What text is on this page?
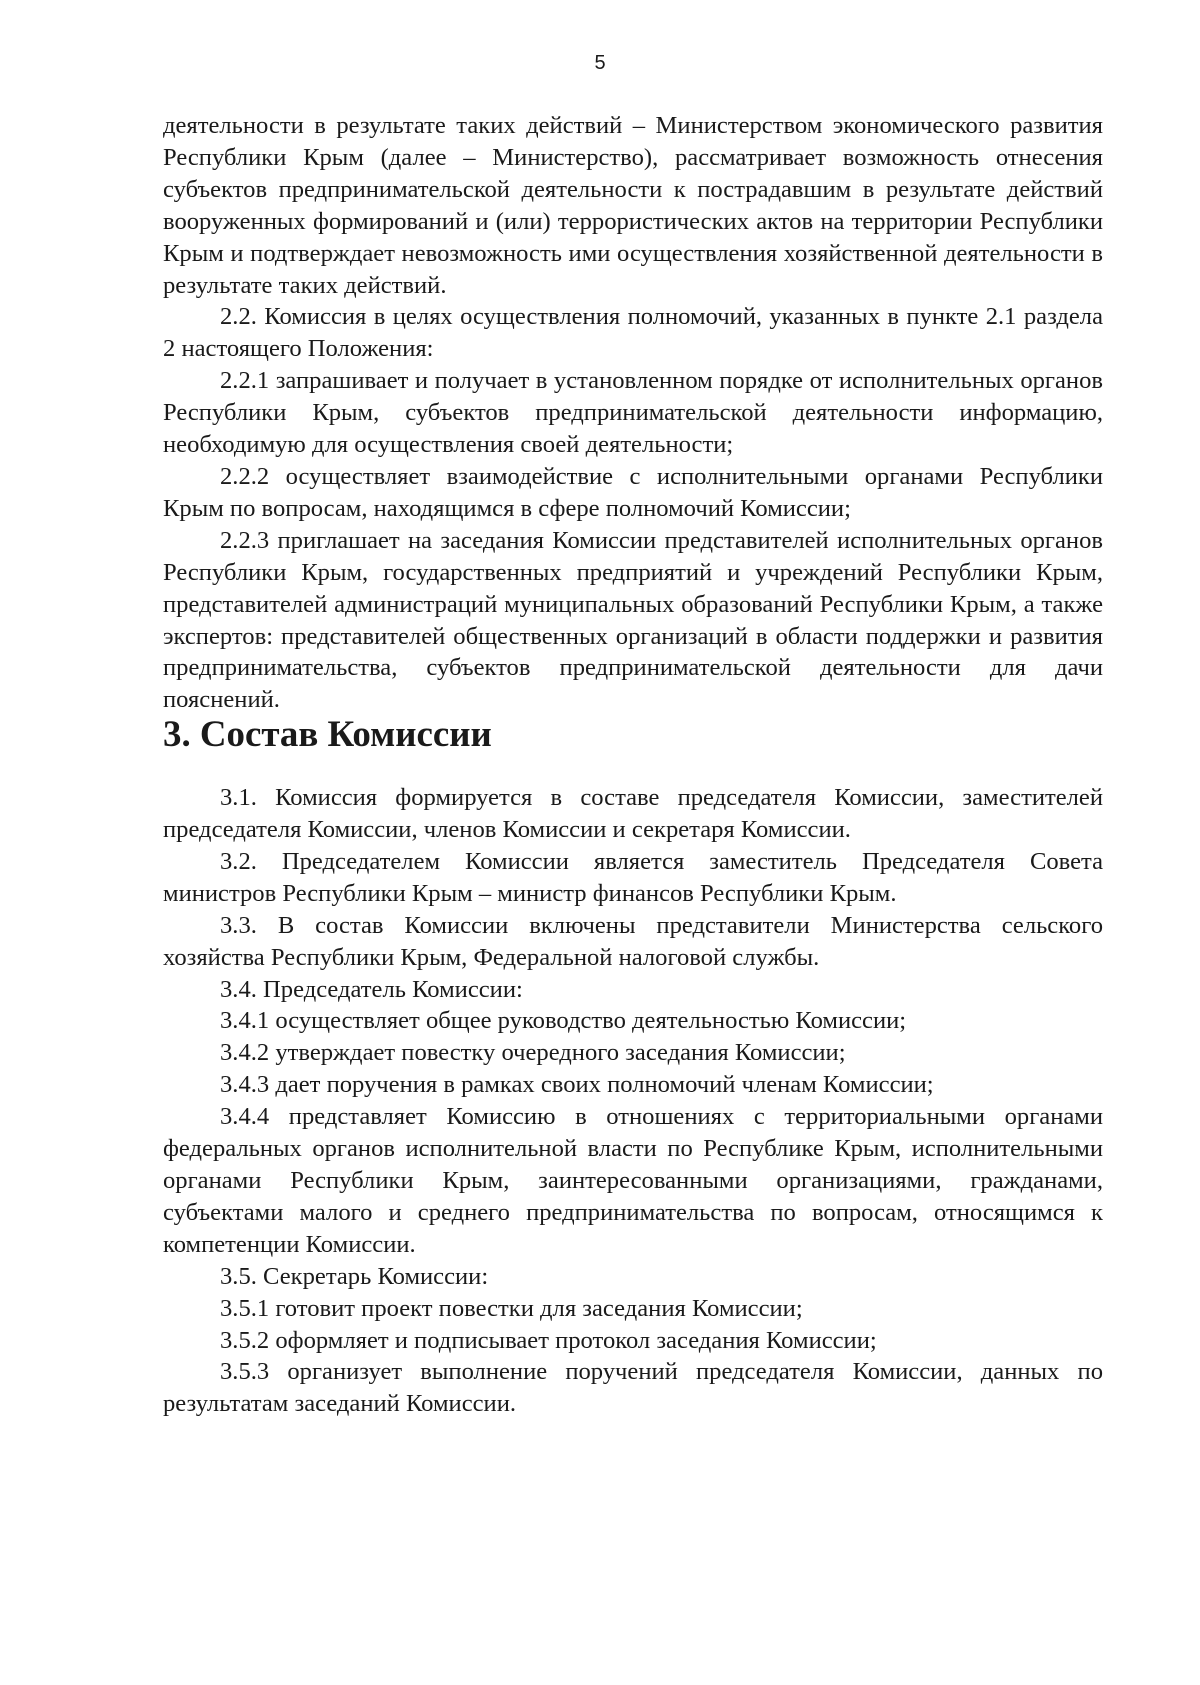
5

деятельности в результате таких действий – Министерством экономического развития Республики Крым (далее – Министерство), рассматривает возможность отнесения субъектов предпринимательской деятельности к пострадавшим в результате действий вооруженных формирований и (или) террористических актов на территории Республики Крым и подтверждает невозможность ими осуществления хозяйственной деятельности в результате таких действий.

2.2. Комиссия в целях осуществления полномочий, указанных в пункте 2.1 раздела 2 настоящего Положения:

2.2.1 запрашивает и получает в установленном порядке от исполнительных органов Республики Крым, субъектов предпринимательской деятельности информацию, необходимую для осуществления своей деятельности;

2.2.2 осуществляет взаимодействие с исполнительными органами Республики Крым по вопросам, находящимся в сфере полномочий Комиссии;

2.2.3 приглашает на заседания Комиссии представителей исполнительных органов Республики Крым, государственных предприятий и учреждений Республики Крым, представителей администраций муниципальных образований Республики Крым, а также экспертов: представителей общественных организаций в области поддержки и развития предпринимательства, субъектов предпринимательской деятельности для дачи пояснений.

3. Состав Комиссии

3.1. Комиссия формируется в составе председателя Комиссии, заместителей председателя Комиссии, членов Комиссии и секретаря Комиссии.

3.2. Председателем Комиссии является заместитель Председателя Совета министров Республики Крым – министр финансов Республики Крым.

3.3. В состав Комиссии включены представители Министерства сельского хозяйства Республики Крым, Федеральной налоговой службы.

3.4. Председатель Комиссии:

3.4.1 осуществляет общее руководство деятельностью Комиссии;

3.4.2 утверждает повестку очередного заседания Комиссии;

3.4.3 дает поручения в рамках своих полномочий членам Комиссии;

3.4.4 представляет Комиссию в отношениях с территориальными органами федеральных органов исполнительной власти по Республике Крым, исполнительными органами Республики Крым, заинтересованными организациями, гражданами, субъектами малого и среднего предпринимательства по вопросам, относящимся к компетенции Комиссии.

3.5. Секретарь Комиссии:

3.5.1 готовит проект повестки для заседания Комиссии;

3.5.2 оформляет и подписывает протокол заседания Комиссии;

3.5.3 организует выполнение поручений председателя Комиссии, данных по результатам заседаний Комиссии.
